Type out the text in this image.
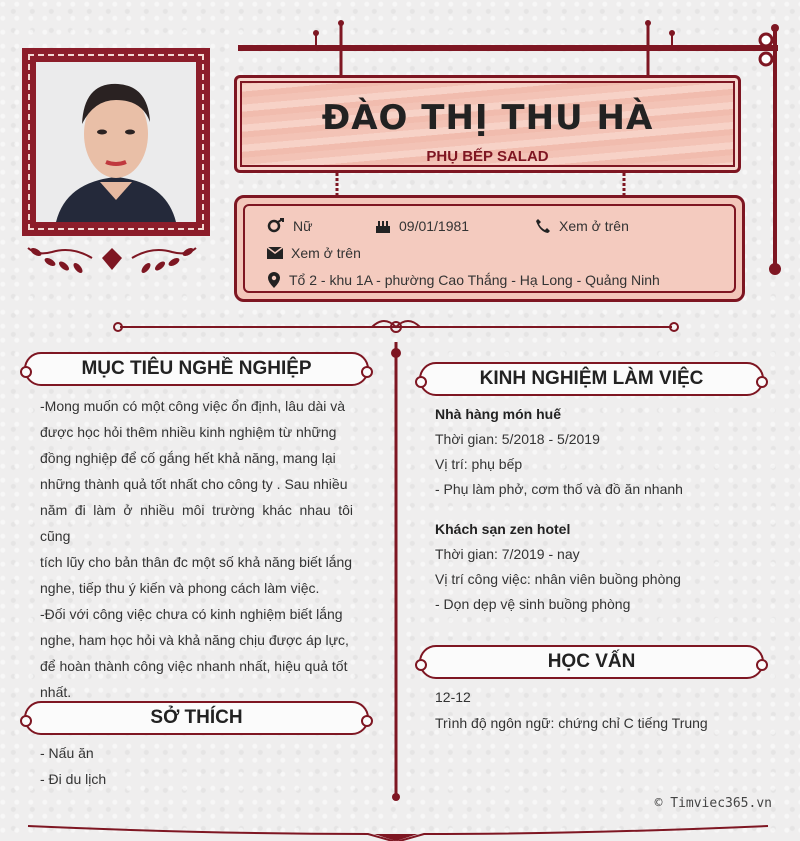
ĐÀO THỊ THU HÀ
PHỤ BẾP SALAD
Nữ	09/01/1981	Xem ở trên
Xem ở trên
Tổ 2 - khu 1A - phường Cao Thắng - Hạ Long - Quảng Ninh
MỤC TIÊU NGHỀ NGHIỆP
-Mong muốn có một công việc ổn định, lâu dài và
được học hỏi thêm nhiều kinh nghiệm từ những
đồng nghiệp để cố gắng hết khả năng, mang lại
những thành quả tốt nhất cho công ty . Sau nhiều
năm đi làm ở nhiều môi trường khác nhau tôi cũng
tích lũy cho bản thân đc một số khả năng biết lắng
nghe, tiếp thu ý kiến và phong cách làm việc.
-Đối với công việc chưa có kinh nghiệm biết lắng
nghe, ham học hỏi và khả năng chịu được áp lực,
để hoàn thành công việc nhanh nhất, hiệu quả tốt
nhất.
SỞ THÍCH
- Nấu ăn
- Đi du lịch
KINH NGHIỆM LÀM VIỆC
Nhà hàng món huế
Thời gian: 5/2018 - 5/2019
Vị trí: phụ bếp
- Phụ làm phở, cơm thố và đồ ăn nhanh
Khách sạn zen hotel
Thời gian: 7/2019 - nay
Vị trí công việc: nhân viên buồng phòng
- Dọn dẹp vệ sinh buồng phòng
HỌC VẤN
12-12
Trình độ ngôn ngữ: chứng chỉ C tiếng Trung
© Timviec365.vn
